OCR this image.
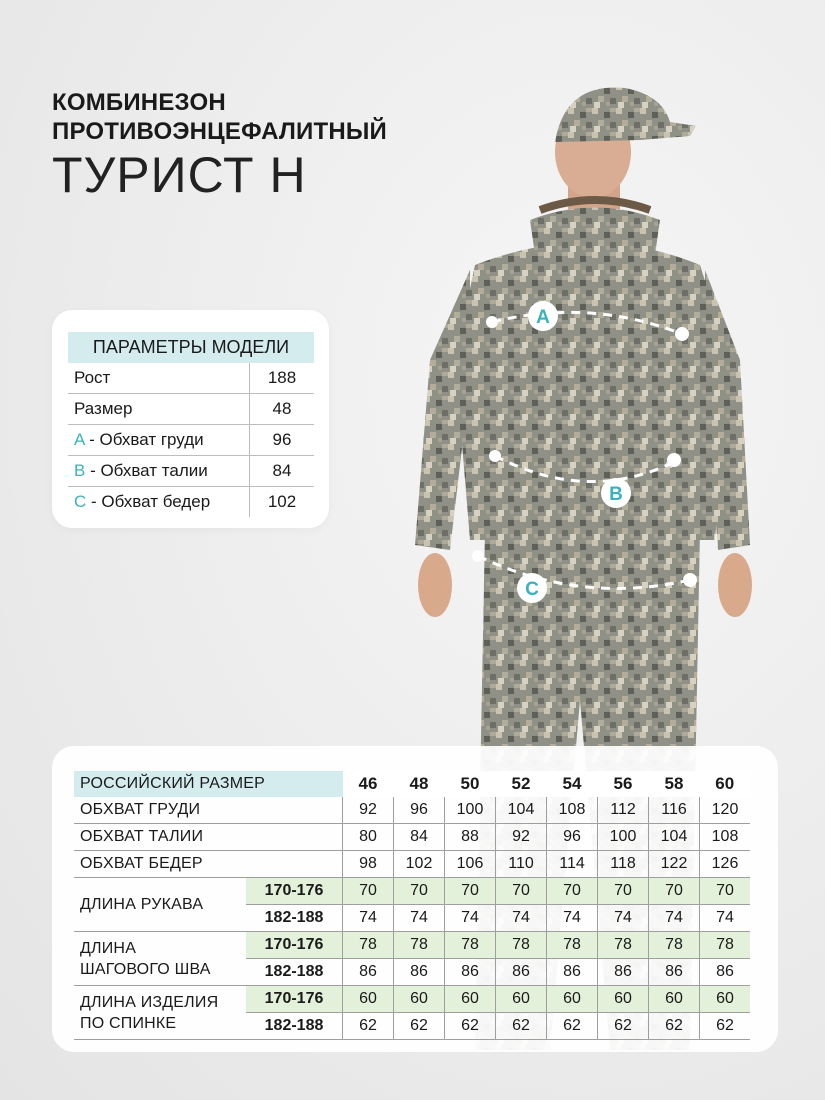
КОМБИНЕЗОН
ПРОТИВОЭНЦЕФАЛИТНЫЙ
ТУРИСТ Н
A
B
C
ПАРАМЕТРЫ МОДЕЛИ	
Рост	188
Размер	48
A - Обхват груди	96
B - Обхват талии	84
C - Обхват бедер	102
РОССИЙСКИЙ РАЗМЕР		46	48	50	52	54	56	58	60
ОБХВАТ ГРУДИ		92	96	100	104	108	112	116	120
ОБХВАТ ТАЛИИ		80	84	88	92	96	100	104	108
ОБХВАТ БЕДЕР		98	102	106	110	114	118	122	126
ДЛИНА РУКАВА	170-176	70	70	70	70	70	70	70	70
	182-188	74	74	74	74	74	74	74	74
ДЛИНА
ШАГОВОГО ШВА	170-176	78	78	78	78	78	78	78	78
	182-188	86	86	86	86	86	86	86	86
ДЛИНА ИЗДЕЛИЯ
ПО СПИНКЕ	170-176	60	60	60	60	60	60	60	60
	182-188	62	62	62	62	62	62	62	62
